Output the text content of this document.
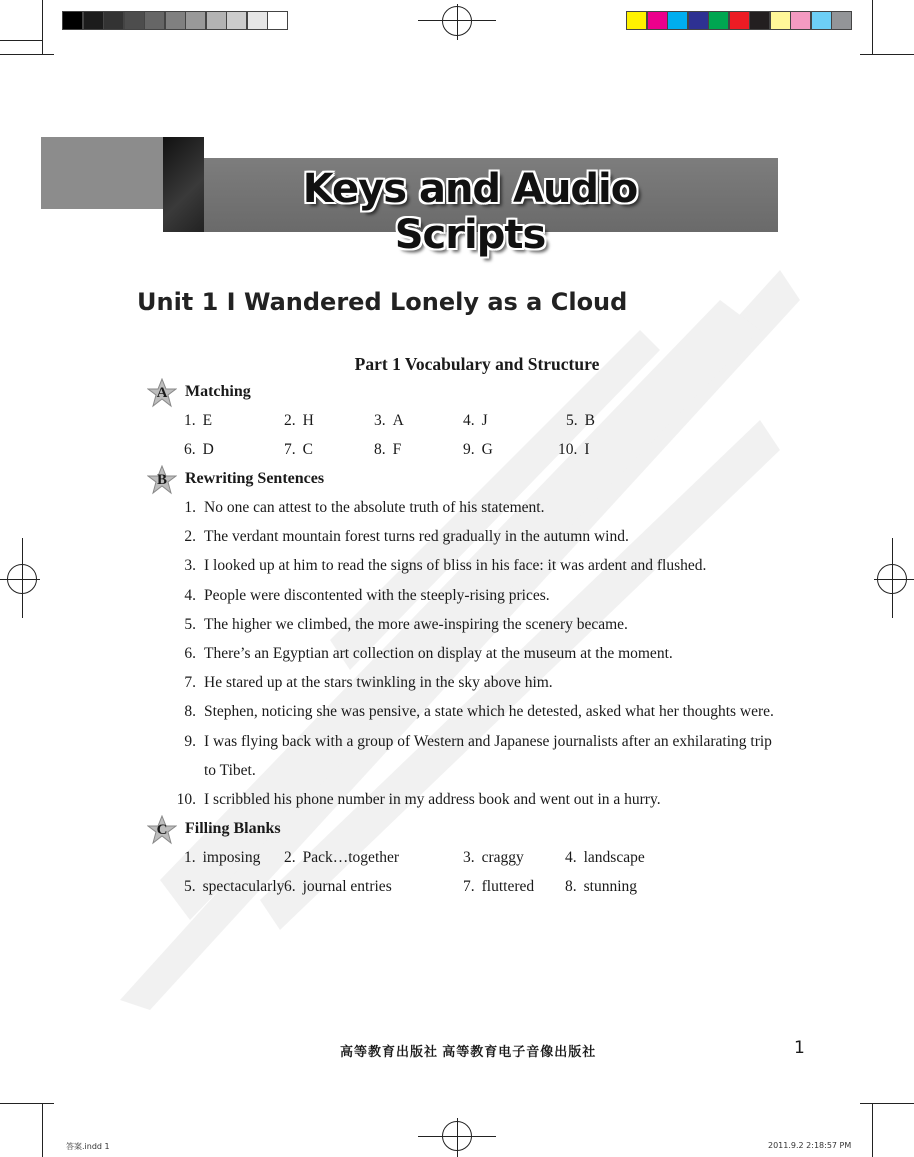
Keys and Audio Scripts
Unit 1 I Wandered Lonely as a Cloud
Part 1 Vocabulary and Structure
A	Matching
1. E	2. H	3. A	4. J	5. B
6. D	7. C	8. F	9. G	10. I
B	Rewriting Sentences
1. No one can attest to the absolute truth of his statement.
2. The verdant mountain forest turns red gradually in the autumn wind.
3. I looked up at him to read the signs of bliss in his face: it was ardent and flushed.
4. People were discontented with the steeply-rising prices.
5. The higher we climbed, the more awe-inspiring the scenery became.
6. There’s an Egyptian art collection on display at the museum at the moment.
7. He stared up at the stars twinkling in the sky above him.
8. Stephen, noticing she was pensive, a state which he detested, asked what her thoughts were.
9. I was flying back with a group of Western and Japanese journalists after an exhilarating trip
to Tibet.
10. I scribbled his phone number in my address book and went out in a hurry.
C	Filling Blanks
1. imposing 2. Pack…together	3. craggy	4. landscape
5. spectacularly 6. journal entries	7. fluttered 8. stunning
高等教育出版社 高等教育电子音像出版社	1
答案.indd 1	2011.9.2 2:18:57 PM
